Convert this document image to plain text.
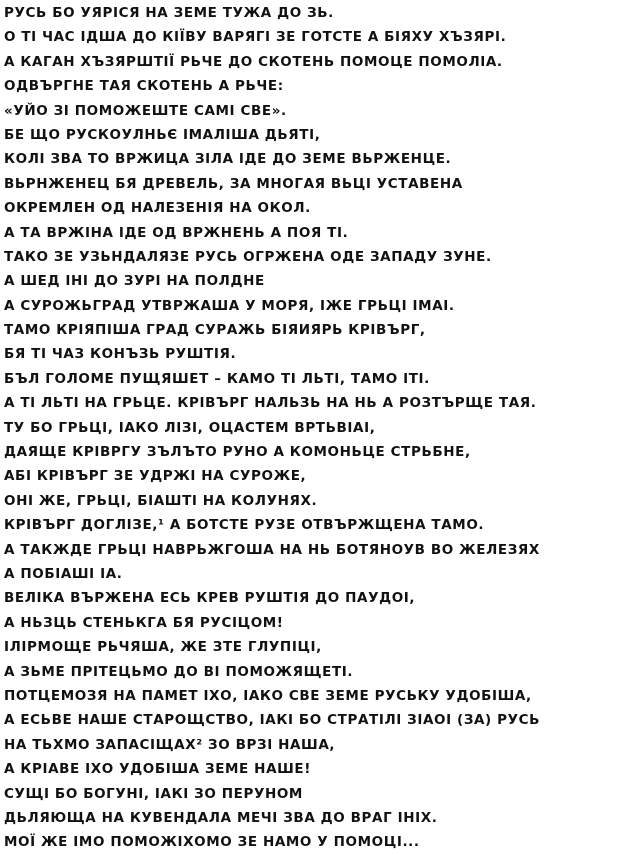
РУСЬ БО УЯРІСЯ НА ЗЕМЕ ТУЖА ДО ЗЬ.
О ТІ ЧАС ІДША ДО КІЇВУ ВАРЯГІ ЗЕ ГОТСТЕ А БІЯХУ ХЪЗЯРІ.
А КАГАН ХЪЗЯРШТІЇ РЬЧЕ ДО СКОТЕНЬ ПОМОЦЕ ПОМОЛІА.
ОДВЪРГНЕ ТАЯ СКОТЕНЬ А РЬЧЕ:
«УЙО ЗІ ПОМОЖЕШТЕ САМІ СВЕ».
БЕ ЩО РУСКОУЛНЬЄ ІМАЛІША ДЬЯТІ,
КОЛІ ЗВА ТО ВРЖИЦА ЗІЛА ІДЕ ДО ЗЕМЕ ВЬРЖЕНЦЕ.
ВЬРНЖЕНЕЦ БЯ ДРЕВЕЛЬ, ЗА МНОГАЯ ВЬЦІ УСТАВЕНА
ОКРЕМЛЕН ОД НАЛЕЗЕНІЯ НА ОКОЛ.
А ТА ВРЖІНА ІДЕ ОД ВРЖНЕНЬ А ПОЯ ТІ.
ТАКО ЗЕ УЗЬНДАЛЯЗЕ РУСЬ ОГРЖЕНА ОДЕ ЗАПАДУ ЗУНЕ.
А ШЕД ІНІ ДО ЗУРІ НА ПОЛДНЕ
А СУРОЖЬГРАД УТВРЖАША У МОРЯ, ІЖЕ ГРЬЦІ ІМАІ.
ТАМО КРІЯПІША ГРАД СУРАЖЬ БІЯИЯРЬ КРІВЪРГ,
БЯ ТІ ЧАЗ КОНЪЗЬ РУШТІЯ.
БЪЛ ГОЛОМЕ ПУЩЯШЕТ – КАМО ТІ ЛЬТІ, ТАМО ІТІ.
А ТІ ЛЬТІ НА ГРЬЦЕ. КРІВЪРГ НАЛЬЗЬ НА НЬ А РОЗТЪРЩЕ ТАЯ.
ТУ БО ГРЬЦІ, ІАКО ЛІЗІ, ОЦАСТЕМ ВРТЬВІАІ,
ДАЯЩЕ КРІВРГУ ЗЪЛЪТО РУНО А КОМОНЬЦЕ СТРЬБНЕ,
АБІ КРІВЪРГ ЗЕ УДРЖІ НА СУРОЖЕ,
ОНІ ЖЕ, ГРЬЦІ, БІАШТІ НА КОЛУНЯХ.
КРІВЪРГ ДОГЛІЗЕ,¹ А БОТСТЕ РУЗЕ ОТВЪРЖЩЕНА ТАМО.
А ТАКЖДЕ ГРЬЦІ НАВРЬЖГОША НА НЬ БОТЯНОУВ ВО ЖЕЛЕЗЯХ
А ПОБІАШІ ІА.
ВЕЛІКА ВЪРЖЕНА ЕСЬ КРЕВ РУШТІЯ ДО ПАУДОІ,
А НЬЗЦЬ СТЕНЬКГА БЯ РУСІЦОМ!
ІЛІРМОЩЕ РЬЧЯША, ЖЕ ЗТЕ ГЛУПІЦІ,
А ЗЬМЕ ПРІТЕЦЬМО ДО ВІ ПОМОЖЯЩЕТІ.
ПОТЦЕМОЗЯ НА ПАМЕТ ІХО, ІАКО СВЕ ЗЕМЕ РУСЬКУ УДОБІША,
А ЕСЬВЕ НАШЕ СТАРОЩСТВО, ІАКІ БО СТРАТІЛІ ЗІАОІ (ЗА) РУСЬ
НА ТЬХМО ЗАПАСІЩАХ² ЗО ВРЗІ НАША,
А КРІАВЕ ІХО УДОБІША ЗЕМЕ НАШЕ!
СУЩІ БО БОГУНІ, ІАКІ ЗО ПЕРУНОМ
ДЬЛЯЮЩА НА КУВЕНДАЛА МЕЧІ ЗВА ДО ВРАГ ІНІХ.
МОЇ ЖЕ ІМО ПОМОЖІХОМО ЗЕ НАМО У ПОМОЦІ...
